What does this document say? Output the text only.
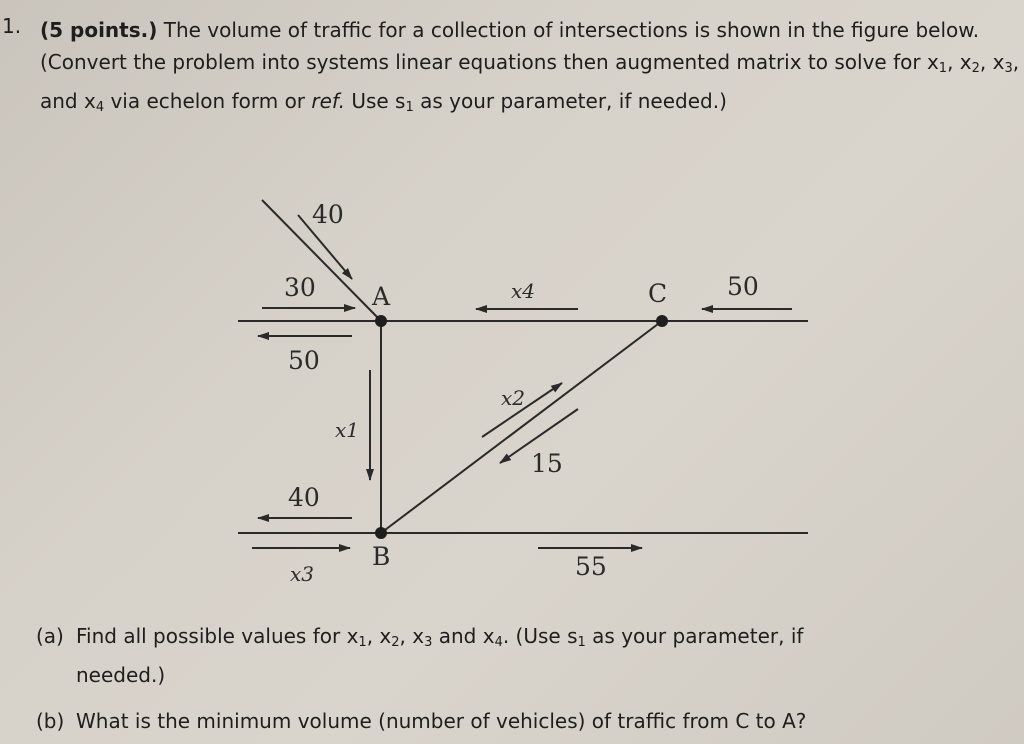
1. (5 points.) The volume of traffic for a collection of intersections is shown in the figure below. (Convert the problem into systems linear equations then augmented matrix to solve for $x_1$, $x_2$, $x_3$, and $x_4$ via echelon form or ref. Use $s_1$ as your parameter, if needed.)
40
30 A
50
x4	C 50
x2
x1
15
40
B
x3	55
(a) Find all possible values for $x_1$, $x_2$, $x_3$ and $x_4$. (Use $s_1$ as your parameter, if
needed.)
(b) What is the minimum volume (number of vehicles) of traffic from C to A?
